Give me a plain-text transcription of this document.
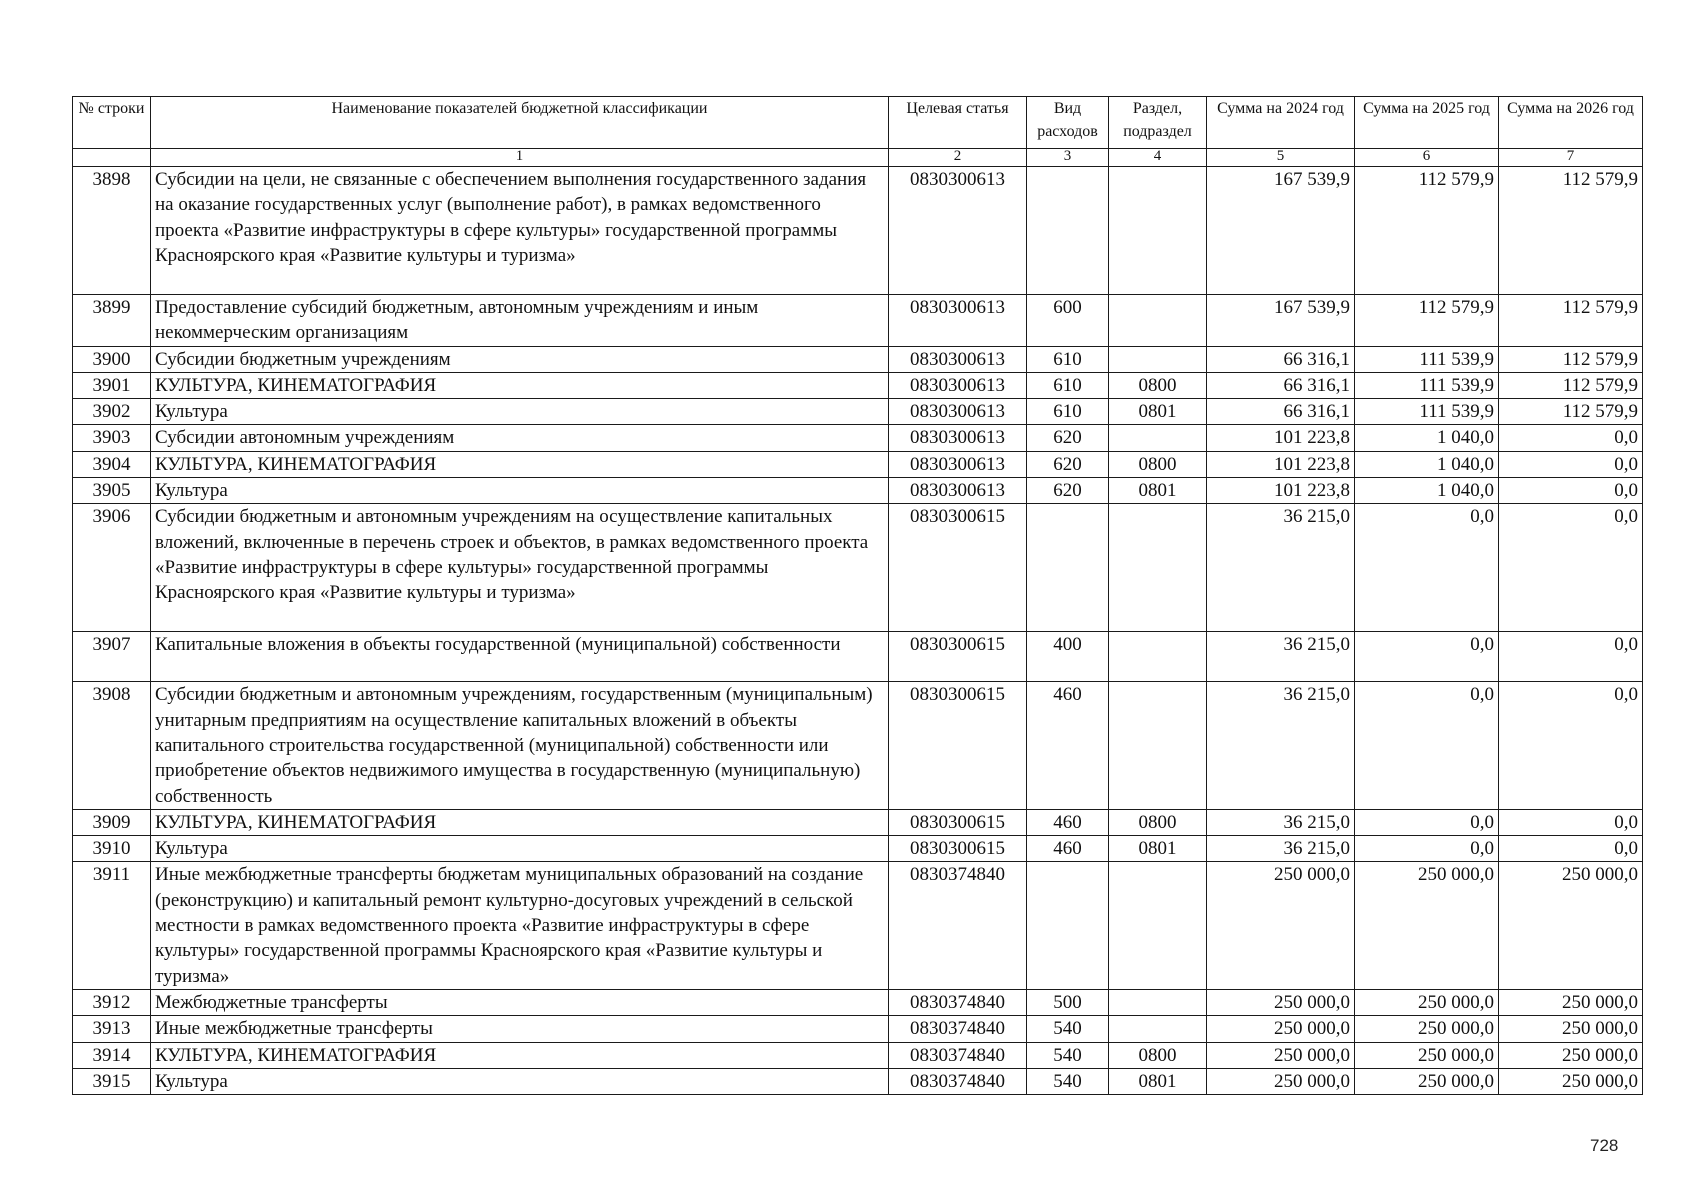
№ строки	Наименование показателей бюджетной классификации	Целевая статья	Вид расходов	Раздел, подраздел	Сумма на 2024 год	Сумма на 2025 год	Сумма на 2026 год
	1	2	3	4	5	6	7
3898	Субсидии на цели, не связанные с обеспечением выполнения государственного задания на оказание государственных услуг (выполнение работ), в рамках ведомственного проекта «Развитие инфраструктуры в сфере культуры» государственной программы Красноярского края «Развитие культуры и туризма»	0830300613			167 539,9	112 579,9	112 579,9
3899	Предоставление субсидий бюджетным, автономным учреждениям и иным некоммерческим организациям	0830300613	600		167 539,9	112 579,9	112 579,9
3900	Субсидии бюджетным учреждениям	0830300613	610		66 316,1	111 539,9	112 579,9
3901	КУЛЬТУРА, КИНЕМАТОГРАФИЯ	0830300613	610	0800	66 316,1	111 539,9	112 579,9
3902	Культура	0830300613	610	0801	66 316,1	111 539,9	112 579,9
3903	Субсидии автономным учреждениям	0830300613	620		101 223,8	1 040,0	0,0
3904	КУЛЬТУРА, КИНЕМАТОГРАФИЯ	0830300613	620	0800	101 223,8	1 040,0	0,0
3905	Культура	0830300613	620	0801	101 223,8	1 040,0	0,0
3906	Субсидии бюджетным и автономным учреждениям на осуществление капитальных вложений, включенные в перечень строек и объектов, в рамках ведомственного проекта «Развитие инфраструктуры в сфере культуры» государственной программы Красноярского края «Развитие культуры и туризма»	0830300615			36 215,0	0,0	0,0
3907	Капитальные вложения в объекты государственной (муниципальной) собственности	0830300615	400		36 215,0	0,0	0,0
3908	Субсидии бюджетным и автономным учреждениям, государственным (муниципальным) унитарным предприятиям на осуществление капитальных вложений в объекты капитального строительства государственной (муниципальной) собственности или приобретение объектов недвижимого имущества в государственную (муниципальную) собственность	0830300615	460		36 215,0	0,0	0,0
3909	КУЛЬТУРА, КИНЕМАТОГРАФИЯ	0830300615	460	0800	36 215,0	0,0	0,0
3910	Культура	0830300615	460	0801	36 215,0	0,0	0,0
3911	Иные межбюджетные трансферты бюджетам муниципальных образований на создание (реконструкцию) и капитальный ремонт культурно-досуговых учреждений в сельской местности в рамках ведомственного проекта «Развитие инфраструктуры в сфере культуры» государственной программы Красноярского края «Развитие культуры и туризма»	0830374840			250 000,0	250 000,0	250 000,0
3912	Межбюджетные трансферты	0830374840	500		250 000,0	250 000,0	250 000,0
3913	Иные межбюджетные трансферты	0830374840	540		250 000,0	250 000,0	250 000,0
3914	КУЛЬТУРА, КИНЕМАТОГРАФИЯ	0830374840	540	0800	250 000,0	250 000,0	250 000,0
3915	Культура	0830374840	540	0801	250 000,0	250 000,0	250 000,0
728
